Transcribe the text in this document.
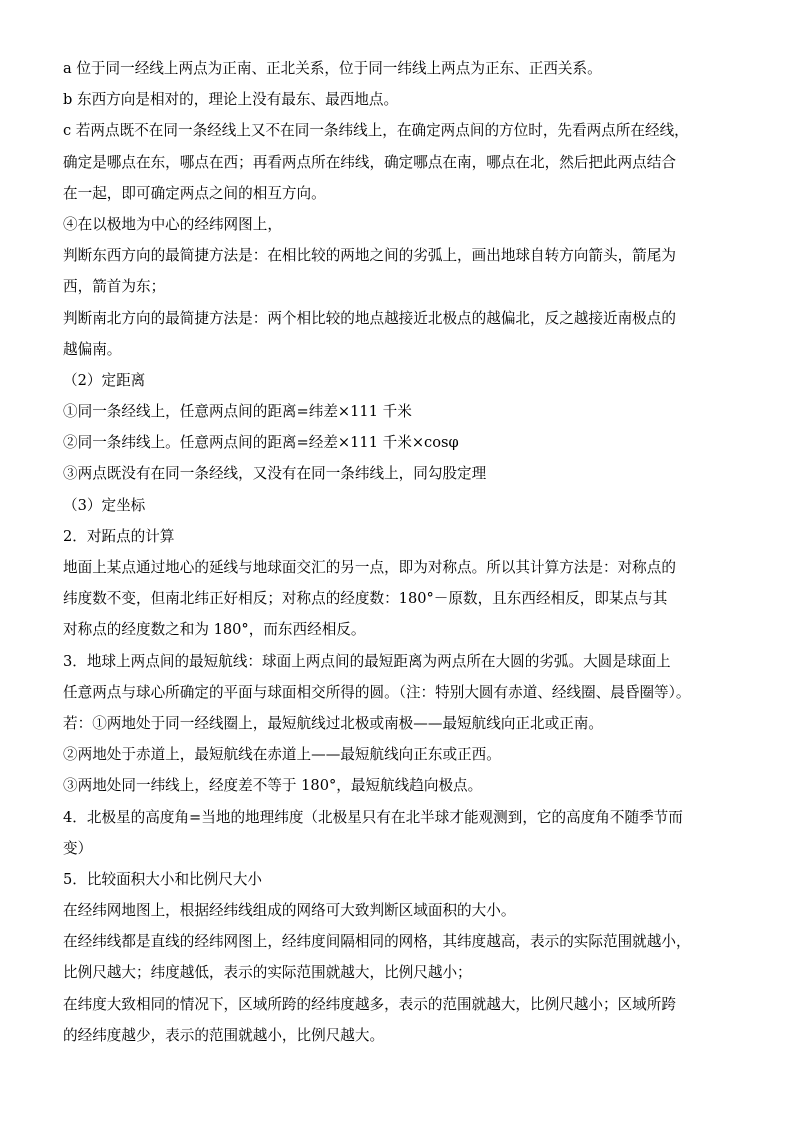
a 位于同一经线上两点为正南、正北关系，位于同一纬线上两点为正东、正西关系。
b 东西方向是相对的，理论上没有最东、最西地点。
c 若两点既不在同一条经线上又不在同一条纬线上，在确定两点间的方位时，先看两点所在经线，
确定是哪点在东，哪点在西；再看两点所在纬线，确定哪点在南，哪点在北，然后把此两点结合
在一起，即可确定两点之间的相互方向。
④在以极地为中心的经纬网图上，
判断东西方向的最简捷方法是：在相比较的两地之间的劣弧上，画出地球自转方向箭头，箭尾为
西，箭首为东；
判断南北方向的最简捷方法是：两个相比较的地点越接近北极点的越偏北，反之越接近南极点的
越偏南。
（2）定距离
①同一条经线上，任意两点间的距离=纬差×111 千米
②同一条纬线上。任意两点间的距离=经差×111 千米×cosφ
③两点既没有在同一条经线，又没有在同一条纬线上，同勾股定理
（3）定坐标
2．对跖点的计算
地面上某点通过地心的延线与地球面交汇的另一点，即为对称点。所以其计算方法是：对称点的
纬度数不变，但南北纬正好相反；对称点的经度数：180°－原数，且东西经相反，即某点与其
对称点的经度数之和为 180°，而东西经相反。
3．地球上两点间的最短航线：球面上两点间的最短距离为两点所在大圆的劣弧。大圆是球面上
任意两点与球心所确定的平面与球面相交所得的圆。（注：特别大圆有赤道、经线圈、晨昏圈等）。
若：①两地处于同一经线圈上，最短航线过北极或南极——最短航线向正北或正南。
②两地处于赤道上，最短航线在赤道上——最短航线向正东或正西。
③两地处同一纬线上，经度差不等于 180°，最短航线趋向极点。
4．北极星的高度角=当地的地理纬度（北极星只有在北半球才能观测到，它的高度角不随季节而
变）
5．比较面积大小和比例尺大小
在经纬网地图上，根据经纬线组成的网络可大致判断区域面积的大小。
在经纬线都是直线的经纬网图上，经纬度间隔相同的网格，其纬度越高，表示的实际范围就越小，
比例尺越大；纬度越低，表示的实际范围就越大，比例尺越小；
在纬度大致相同的情况下，区域所跨的经纬度越多，表示的范围就越大，比例尺越小；区域所跨
的经纬度越少，表示的范围就越小，比例尺越大。
